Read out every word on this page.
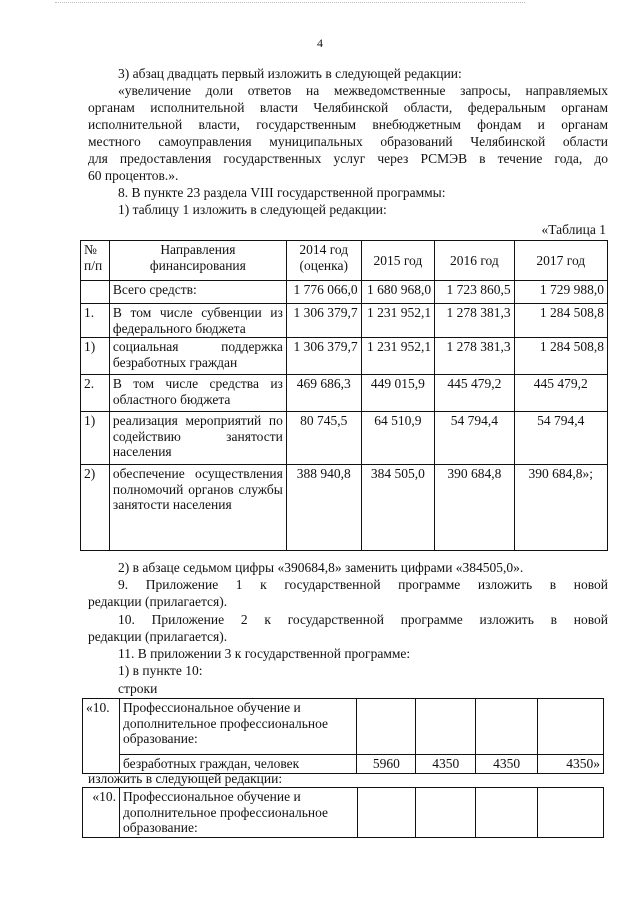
4

3) абзац двадцать первый изложить в следующей редакции:

«увеличение доли ответов на межведомственные запросы, направляемых

органам исполнительной власти Челябинской области, федеральным органам

исполнительной власти, государственным внебюджетным фондам и органам

местного самоуправления муниципальных образований Челябинской области

для предоставления государственных услуг через РСМЭВ в течение года, до

60 процентов.».

8. В пункте 23 раздела VIII государственной программы:

1) таблицу 1 изложить в следующей редакции:

«Таблица 1

№ п/п	Направления финансирования	2014 год (оценка)	2015 год	2016 год	2017 год
	Всего средств:	1 776 066,0	1 680 968,0	1 723 860,5	1 729 988,0
1.	В том числе субвенции из федерального бюджета	1 306 379,7	1 231 952,1	1 278 381,3	1 284 508,8
1)	социальная поддержка безработных граждан	1 306 379,7	1 231 952,1	1 278 381,3	1 284 508,8
2.	В том числе средства из областного бюджета	469 686,3	449 015,9	445 479,2	445 479,2
1)	реализация мероприятий по содействию занятости населения	80 745,5	64 510,9	54 794,4	54 794,4
2)	обеспечение осуществления полномочий органов службы занятости населения	388 940,8	384 505,0	390 684,8	390 684,8»;

2) в абзаце седьмом цифры «390684,8» заменить цифрами «384505,0».

9. Приложение 1 к государственной программе изложить в новой

редакции (прилагается).

10. Приложение 2 к государственной программе изложить в новой

редакции (прилагается).

11. В приложении 3 к государственной программе:

1) в пункте 10:

строки

«10.	Профессиональное обучение и дополнительное профессиональное образование:				
	безработных граждан, человек	5960	4350	4350	4350»

изложить в следующей редакции:

«10.	Профессиональное обучение и дополнительное профессиональное образование:				
